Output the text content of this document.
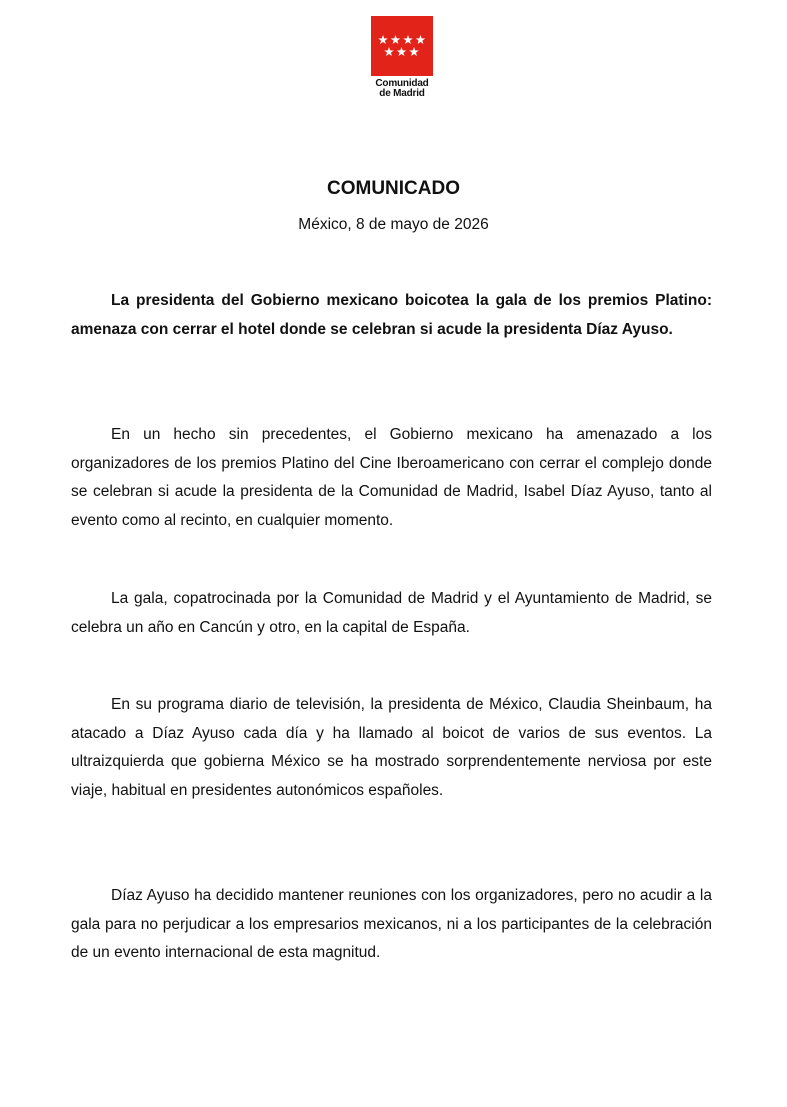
Comunidad
de Madrid
COMUNICADO

México, 8 de mayo de 2026

La presidenta del Gobierno mexicano boicotea la gala de los premios Platino: amenaza con cerrar el hotel donde se celebran si acude la presidenta Díaz Ayuso.

En un hecho sin precedentes, el Gobierno mexicano ha amenazado a los organizadores de los premios Platino del Cine Iberoamericano con cerrar el complejo donde se celebran si acude la presidenta de la Comunidad de Madrid, Isabel Díaz Ayuso, tanto al evento como al recinto, en cualquier momento.

La gala, copatrocinada por la Comunidad de Madrid y el Ayuntamiento de Madrid, se celebra un año en Cancún y otro, en la capital de España.

En su programa diario de televisión, la presidenta de México, Claudia Sheinbaum, ha atacado a Díaz Ayuso cada día y ha llamado al boicot de varios de sus eventos. La ultraizquierda que gobierna México se ha mostrado sorprendentemente nerviosa por este viaje, habitual en presidentes autonómicos españoles.

Díaz Ayuso ha decidido mantener reuniones con los organizadores, pero no acudir a la gala para no perjudicar a los empresarios mexicanos, ni a los participantes de la celebración de un evento internacional de esta magnitud.
